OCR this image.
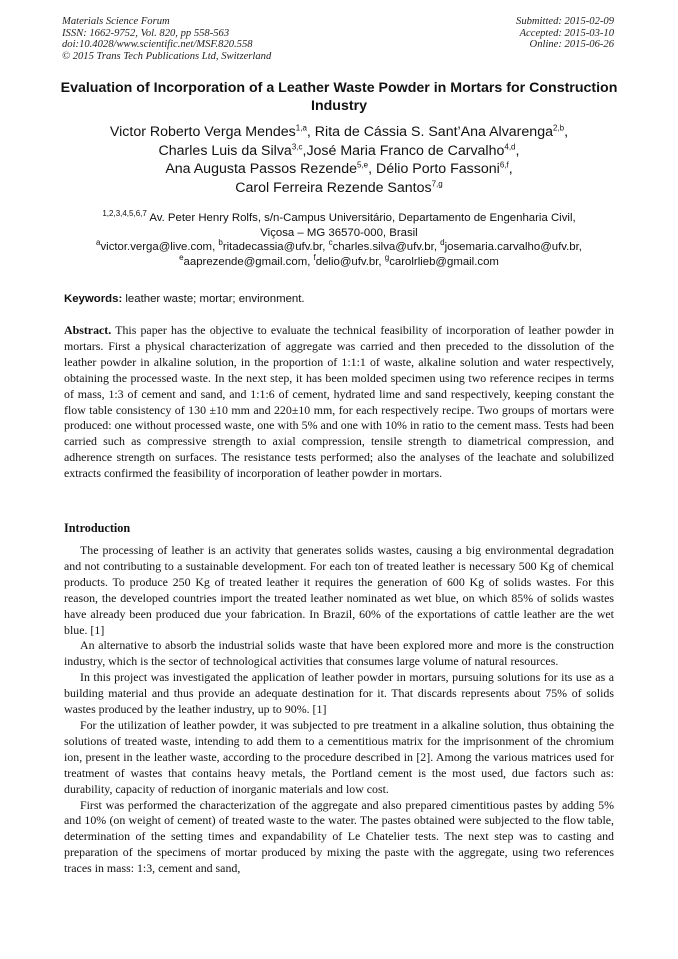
Materials Science Forum
ISSN: 1662-9752, Vol. 820, pp 558-563
doi:10.4028/www.scientific.net/MSF.820.558
© 2015 Trans Tech Publications Ltd, Switzerland
Submitted: 2015-02-09
Accepted: 2015-03-10
Online: 2015-06-26
Evaluation of Incorporation of a Leather Waste Powder in Mortars for Construction Industry
Victor Roberto Verga Mendes$^{1,a}$, Rita de Cássia S. Sant’Ana Alvarenga$^{2,b}$,
Charles Luis da Silva$^{3,c}$,José Maria Franco de Carvalho$^{4,d}$,
Ana Augusta Passos Rezende$^{5,e}$, Délio Porto Fassoni$^{6,f}$,
Carol Ferreira Rezende Santos$^{7,g}$
$^{1,2,3,4,5,6,7}$ Av. Peter Henry Rolfs, s/n-Campus Universitário, Departamento de Engenharia Civil,
Viçosa – MG 36570-000, Brasil
$^a$victor.verga@live.com, $^b$ritadecassia@ufv.br, $^c$charles.silva@ufv.br, $^d$josemaria.carvalho@ufv.br,
$^e$aaprezende@gmail.com, $^f$delio@ufv.br, $^g$carolrlieb@gmail.com
Keywords: leather waste; mortar; environment.
Abstract. This paper has the objective to evaluate the technical feasibility of incorporation of leather powder in mortars. First a physical characterization of aggregate was carried and then preceded to the dissolution of the leather powder in alkaline solution, in the proportion of 1:1:1 of waste, alkaline solution and water respectively, obtaining the processed waste. In the next step, it has been molded specimen using two reference recipes in terms of mass, 1:3 of cement and sand, and 1:1:6 of cement, hydrated lime and sand respectively, keeping constant the flow table consistency of 130 ±10 mm and 220±10 mm, for each respectively recipe. Two groups of mortars were produced: one without processed waste, one with 5% and one with 10% in ratio to the cement mass. Tests had been carried such as compressive strength to axial compression, tensile strength to diametrical compression, and adherence strength on surfaces. The resistance tests performed; also the analyses of the leachate and solubilized extracts confirmed the feasibility of incorporation of leather powder in mortars.
Introduction

The processing of leather is an activity that generates solids wastes, causing a big environmental degradation and not contributing to a sustainable development. For each ton of treated leather is necessary 500 Kg of chemical products. To produce 250 Kg of treated leather it requires the generation of 600 Kg of solids wastes. For this reason, the developed countries import the treated leather nominated as wet blue, on which 85% of solids wastes have already been produced due your fabrication. In Brazil, 60% of the exportations of cattle leather are the wet blue. [1]

An alternative to absorb the industrial solids waste that have been explored more and more is the construction industry, which is the sector of technological activities that consumes large volume of natural resources.

In this project was investigated the application of leather powder in mortars, pursuing solutions for its use as a building material and thus provide an adequate destination for it. That discards represents about 75% of solids wastes produced by the leather industry, up to 90%. [1]

For the utilization of leather powder, it was subjected to pre treatment in a alkaline solution, thus obtaining the solutions of treated waste, intending to add them to a cementitious matrix for the imprisonment of the chromium ion, present in the leather waste, according to the procedure described in [2]. Among the various matrices used for treatment of wastes that contains heavy metals, the Portland cement is the most used, due factors such as: durability, capacity of reduction of inorganic materials and low cost.

First was performed the characterization of the aggregate and also prepared cimentitious pastes by adding 5% and 10% (on weight of cement) of treated waste to the water. The pastes obtained were subjected to the flow table, determination of the setting times and expandability of Le Chatelier tests. The next step was to casting and preparation of the specimens of mortar produced by mixing the paste with the aggregate, using two references traces in mass: 1:3, cement and sand,
